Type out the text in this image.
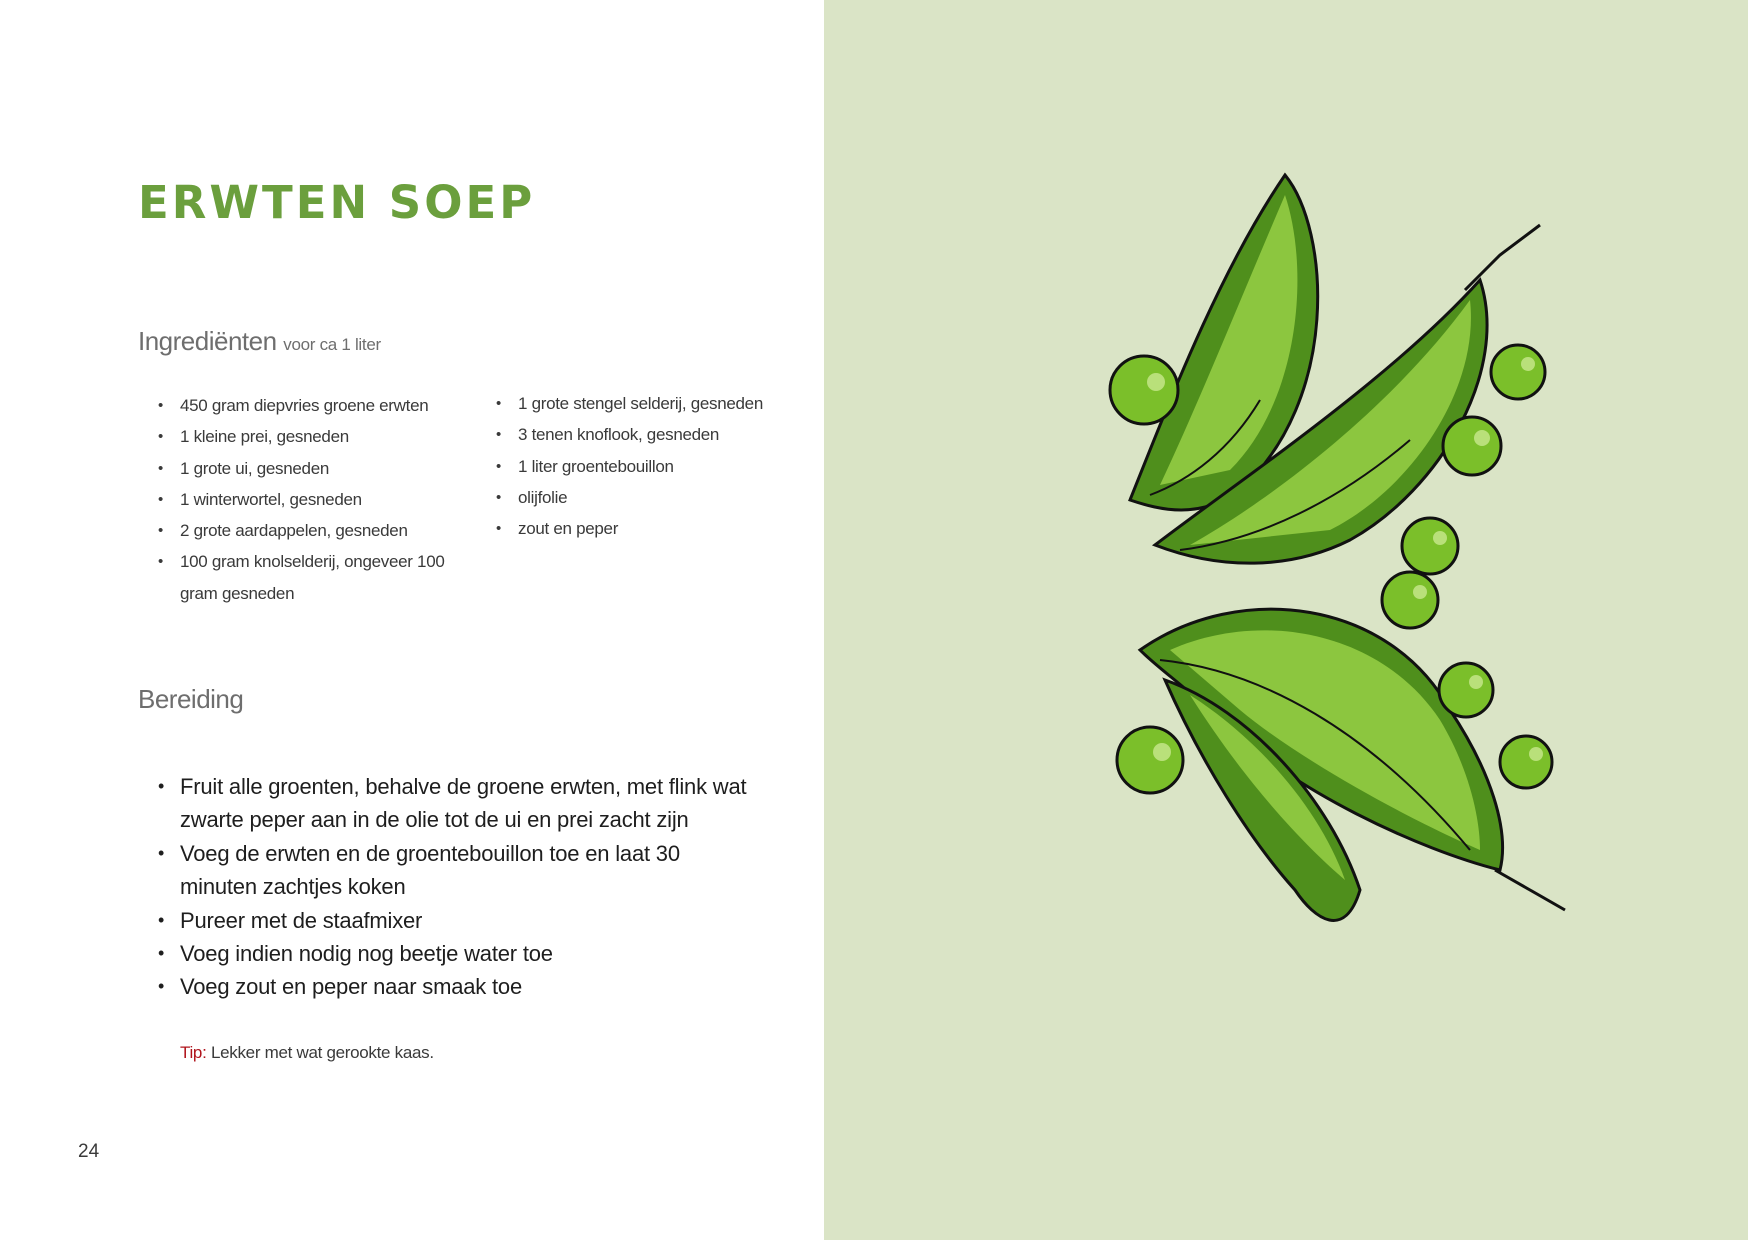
ERWTEN SOEP
Ingrediënten voor ca 1 liter
• 450 gram diepvries groene erwten
• 1 kleine prei, gesneden
• 1 grote ui, gesneden
• 1 winterwortel, gesneden
• 2 grote aardappelen, gesneden
• 100 gram knolselderij, ongeveer 100 gram gesneden
• 1 grote stengel selderij, gesneden
• 3 tenen knoflook, gesneden
• 1 liter groentebouillon
• olijfolie
• zout en peper
Bereiding
• Fruit alle groenten, behalve de groene erwten, met flink wat zwarte peper aan in de olie tot de ui en prei zacht zijn
• Voeg de erwten en de groentebouillon toe en laat 30 minuten zachtjes koken
• Pureer met de staafmixer
• Voeg indien nodig nog beetje water toe
• Voeg zout en peper naar smaak toe

Tip: Lekker met wat gerookte kaas.

24
